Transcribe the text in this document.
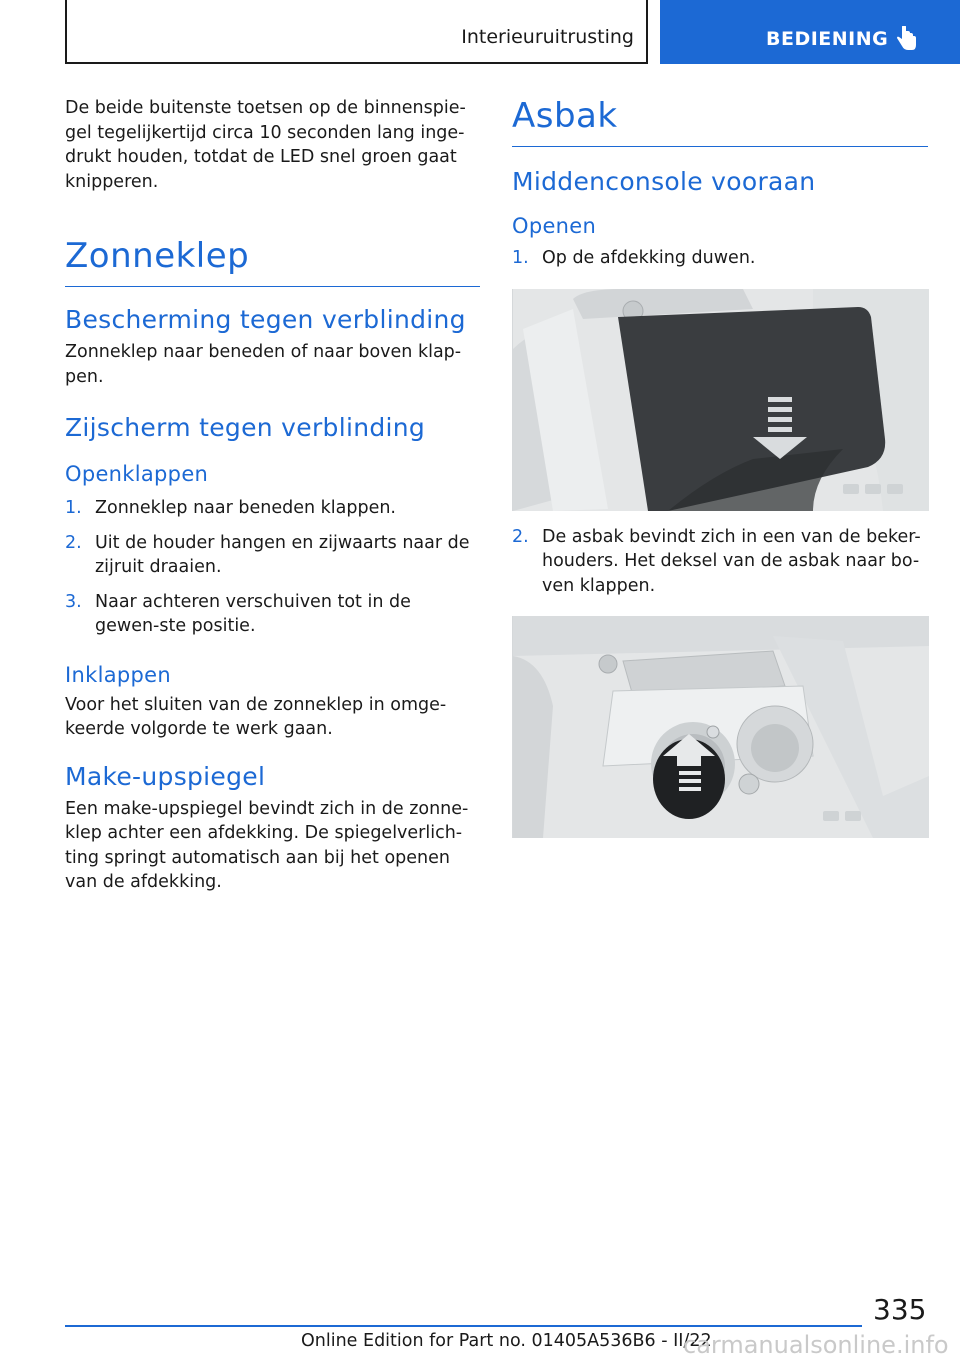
Interieuruitrusting	BEDIENING

De beide buitenste toetsen op de binnenspie-gel tegelijkertijd circa 10 seconden lang inge-drukt houden, totdat de LED snel groen gaat knipperen.

Zonneklep
Bescherming tegen verblinding

Zonneklep naar beneden of naar boven klap-pen.

Zijscherm tegen verblinding
Openklappen
1. Zonneklep naar beneden klappen.
2. Uit de houder hangen en zijwaarts naar de zijruit draaien.
3. Naar achteren verschuiven tot in de gewen-ste positie.
Inklappen

Voor het sluiten van de zonneklep in omge-keerde volgorde te werk gaan.

Make-upspiegel

Een make-upspiegel bevindt zich in de zonne-klep achter een afdekking. De spiegelverlich-ting springt automatisch aan bij het openen van de afdekking.

Asbak
Middenconsole vooraan
Openen
1. Op de afdekking duwen.
2. De asbak bevindt zich in een van de beker-houders. Het deksel van de asbak naar bo-ven klappen.
335
Online Edition for Part no. 01405A536B6 - II/22
carmanualsonline.info
